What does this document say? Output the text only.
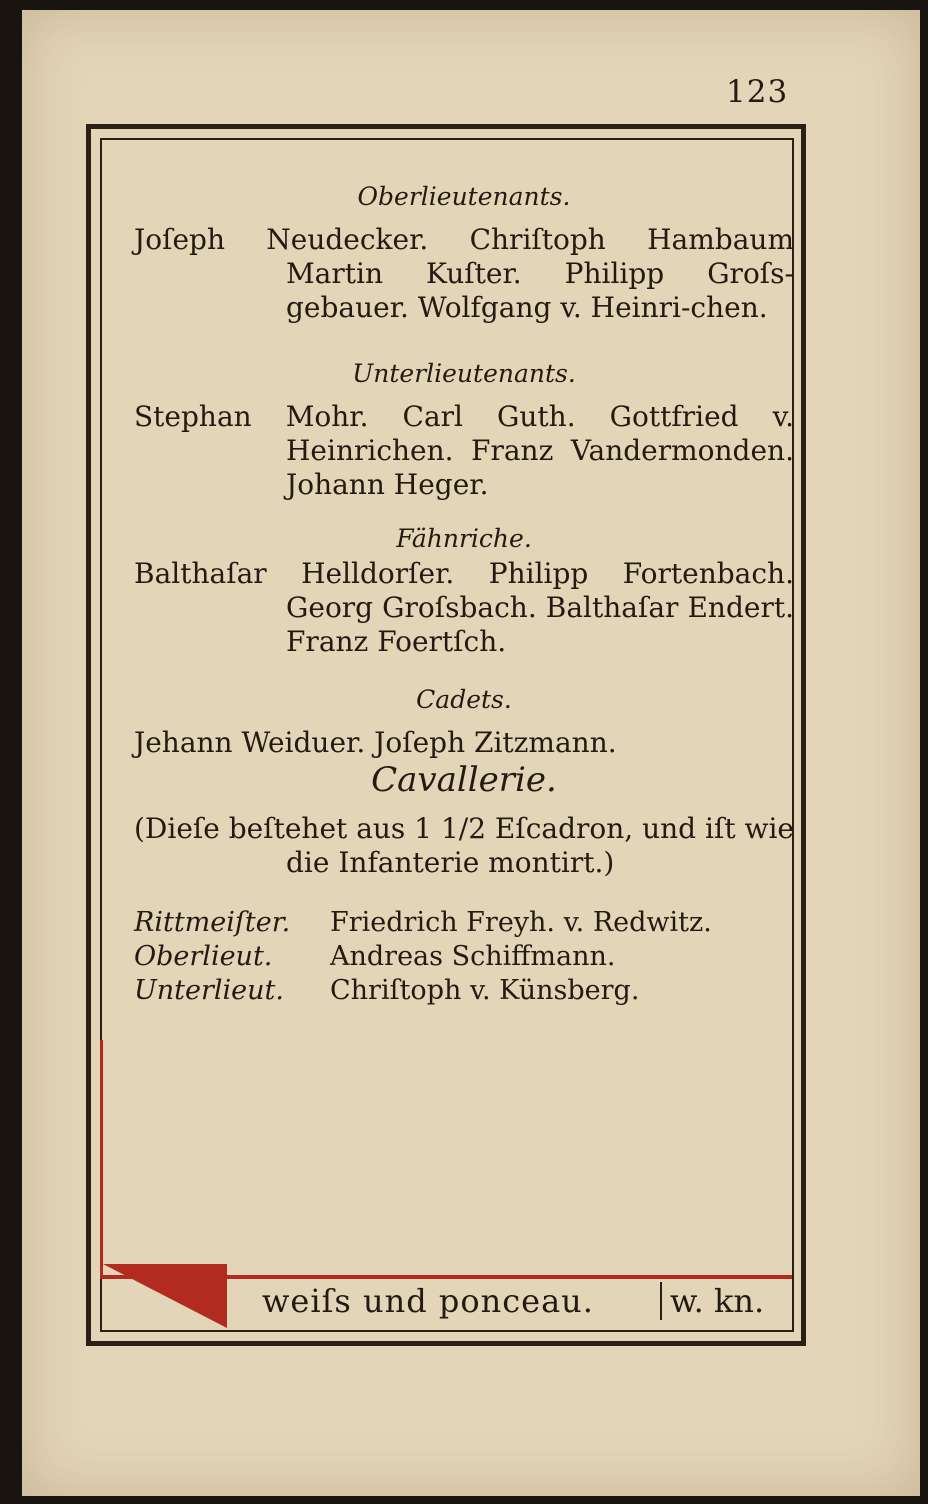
123
Oberlieutenants.

Joſeph Neudecker. Chriſtoph Hambaum Martin Kuſter. Philipp Groſs-gebauer. Wolfgang v. Heinri-chen.

Unterlieutenants.

Stephan Mohr. Carl Guth. Gottfried v. Heinrichen. Franz Vandermonden. Johann Heger.

Fähnriche.

Balthaſar Helldorſer. Philipp Fortenbach. Georg Groſsbach. Balthaſar Endert. Franz Foertſch.

Cadets.

Jehann Weiduer. Joſeph Zitzmann.

Cavallerie.

(Dieſe beſtehet aus 1 1/2 Eſcadron, und iſt wie die Infanterie montirt.)

Rittmeiſter.	Friedrich Freyh. v. Redwitz.
Oberlieut.	Andreas Schiffmann.
Unterlieut.	Chriſtoph v. Künsberg.
weiſs und ponceau.	w. kn.
